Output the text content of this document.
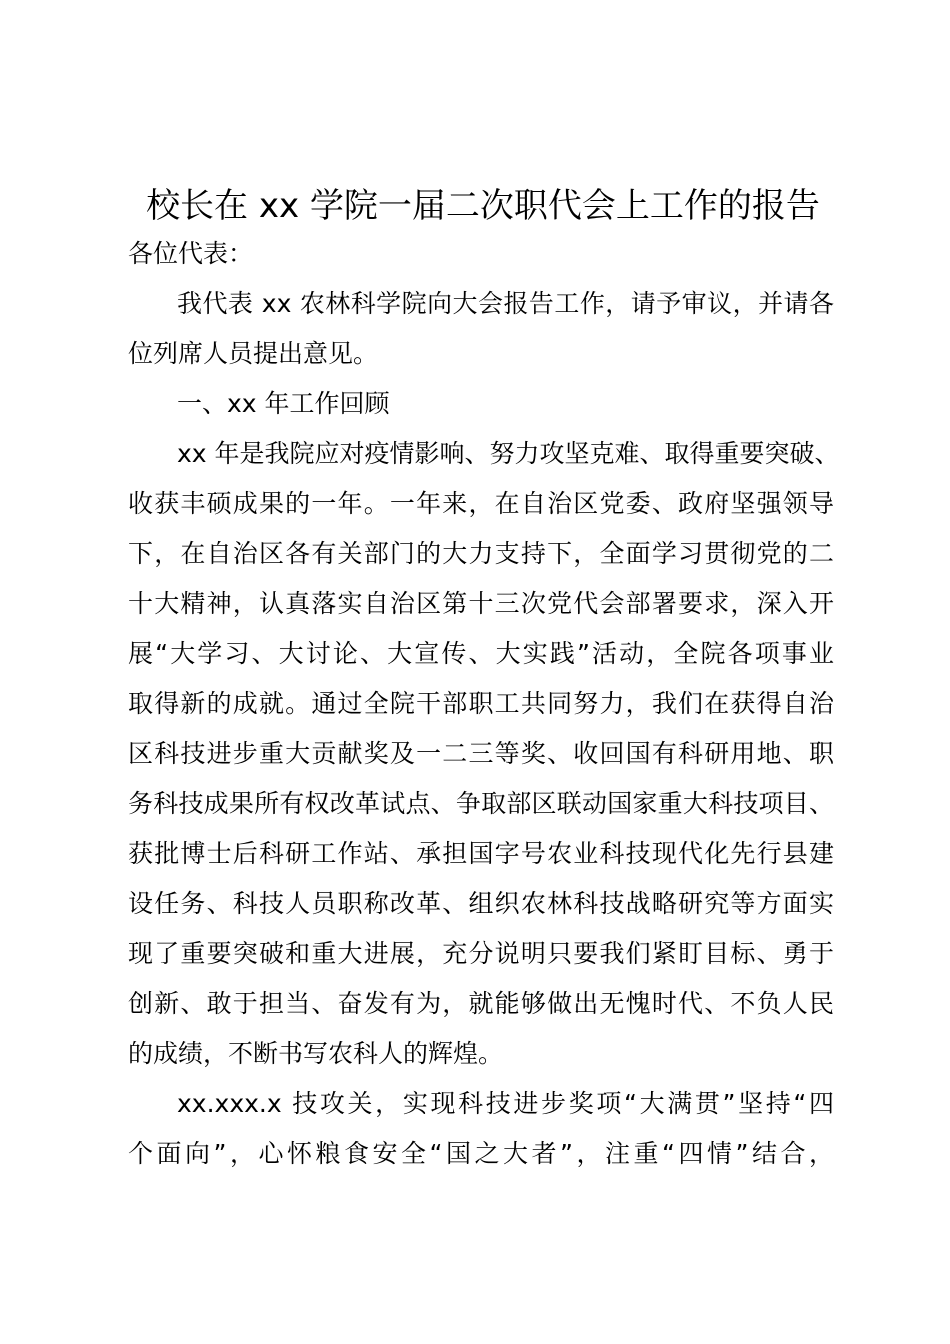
校长在 xx 学院一届二次职代会上工作的报告
各位代表：
我代表 xx 农林科学院向大会报告工作，请予审议，并请各
位列席人员提出意见。
一、xx 年工作回顾
xx 年是我院应对疫情影响、努力攻坚克难、取得重要突破、
收获丰硕成果的一年。一年来，在自治区党委、政府坚强领导
下，在自治区各有关部门的大力支持下，全面学习贯彻党的二
十大精神，认真落实自治区第十三次党代会部署要求，深入开
展“大学习、大讨论、大宣传、大实践”活动，全院各项事业
取得新的成就。通过全院干部职工共同努力，我们在获得自治
区科技进步重大贡献奖及一二三等奖、收回国有科研用地、职
务科技成果所有权改革试点、争取部区联动国家重大科技项目、
获批博士后科研工作站、承担国字号农业科技现代化先行县建
设任务、科技人员职称改革、组织农林科技战略研究等方面实
现了重要突破和重大进展，充分说明只要我们紧盯目标、勇于
创新、敢于担当、奋发有为，就能够做出无愧时代、不负人民
的成绩，不断书写农科人的辉煌。
xx.xxx.x 技攻关，实现科技进步奖项“大满贯”坚持“四
个面向”，心怀粮食安全“国之大者”，注重“四情”结合，
